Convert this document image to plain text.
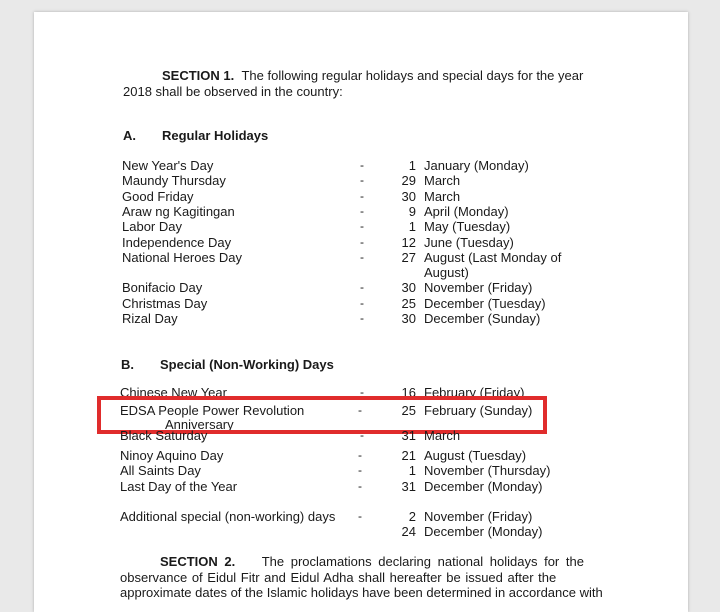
SECTION 1. The following regular holidays and special days for the year
2018 shall be observed in the country:
A. Regular Holidays
New Year's Day	-	1 January (Monday)
Maundy Thursday	-	29 March
Good Friday	-	30 March
Araw ng Kagitingan	-	9 April (Monday)
Labor Day	-	1 May (Tuesday)
Independence Day	-	12 June (Tuesday)
National Heroes Day	-	27 August (Last Monday of
August)
Bonifacio Day	-	30 November (Friday)
Christmas Day	-	25 December (Tuesday)
Rizal Day	-	30 December (Sunday)
B. Special (Non-Working) Days
Chinese New Year	-	16 February (Friday)
EDSA People Power Revolution
Anniversary
-	25 February (Sunday)
Black Saturday	-	31 March
Ninoy Aquino Day	-	21 August (Tuesday)
All Saints Day	-	1 November (Thursday)
Last Day of the Year	-	31 December (Monday)
Additional special (non-working) days -	2 November (Friday)
24 December (Monday)
SECTION 2. The proclamations declaring national holidays for the
observance of Eidul Fitr and Eidul Adha shall hereafter be issued after the
approximate dates of the Islamic holidays have been determined in accordance with
